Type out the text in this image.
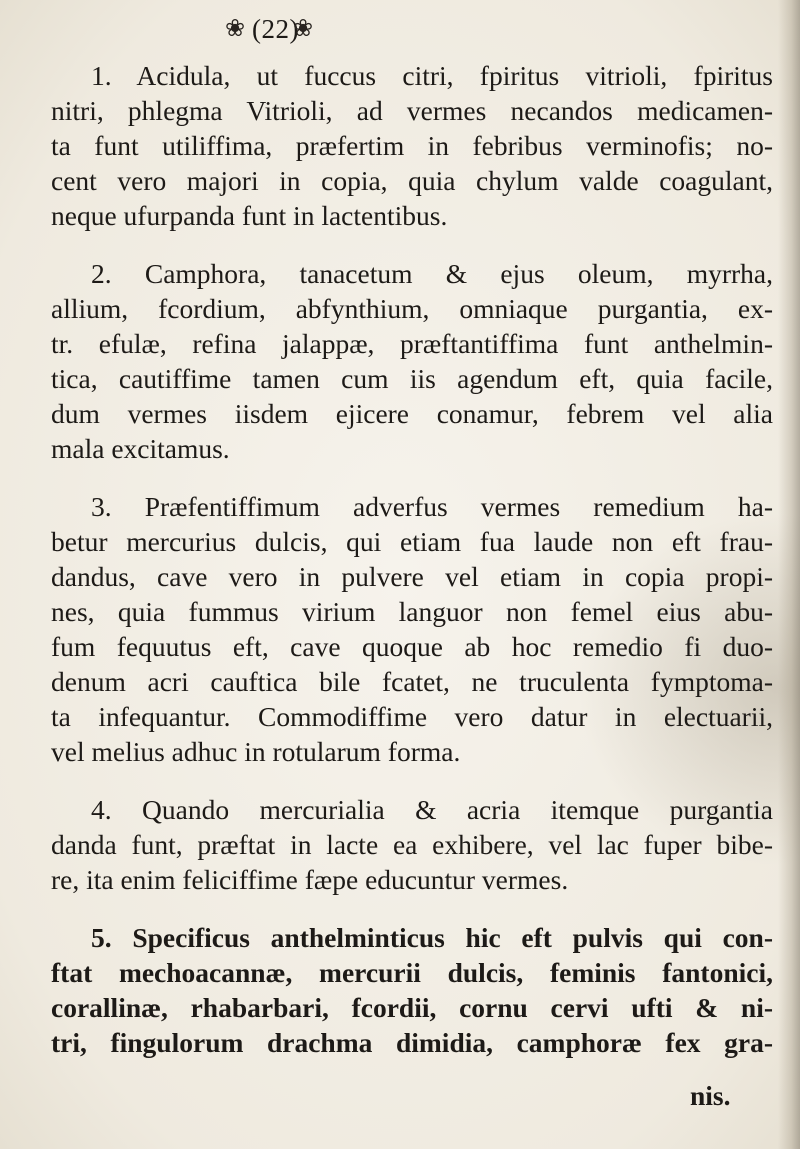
❀ (22)
❀

1. Acidula, ut fuccus citri, fpiritus vitrioli, fpiritus
nitri, phlegma Vitrioli, ad vermes necandos medicamen-
ta funt utiliffima, præfertim in febribus verminofis; no-
cent vero majori in copia, quia chylum valde coagulant,
neque ufurpanda funt in lactentibus.

2. Camphora, tanacetum & ejus oleum, myrrha,
allium, fcordium, abfynthium, omniaque purgantia, ex-
tr. efulæ, refina jalappæ, præftantiffima funt anthelmin-
tica, cautiffime tamen cum iis agendum eft, quia facile,
dum vermes iisdem ejicere conamur, febrem vel alia
mala excitamus.

3. Præfentiffimum adverfus vermes remedium ha-
betur mercurius dulcis, qui etiam fua laude non eft frau-
dandus, cave vero in pulvere vel etiam in copia propi-
nes, quia fummus virium languor non femel eius abu-
fum fequutus eft, cave quoque ab hoc remedio fi duo-
denum acri cauftica bile fcatet, ne truculenta fymptoma-
ta infequantur. Commodiffime vero datur in electuarii,
vel melius adhuc in rotularum forma.

4. Quando mercurialia & acria itemque purgantia
danda funt, præftat in lacte ea exhibere, vel lac fuper bibe-
re, ita enim feliciffime fæpe educuntur vermes.

5. Specificus anthelminticus hic eft pulvis qui con-
ftat mechoacannæ, mercurii dulcis, feminis fantonici,
corallinæ, rhabarbari, fcordii, cornu cervi ufti & ni-
tri, fingulorum drachma dimidia, camphoræ fex gra-

nis.
